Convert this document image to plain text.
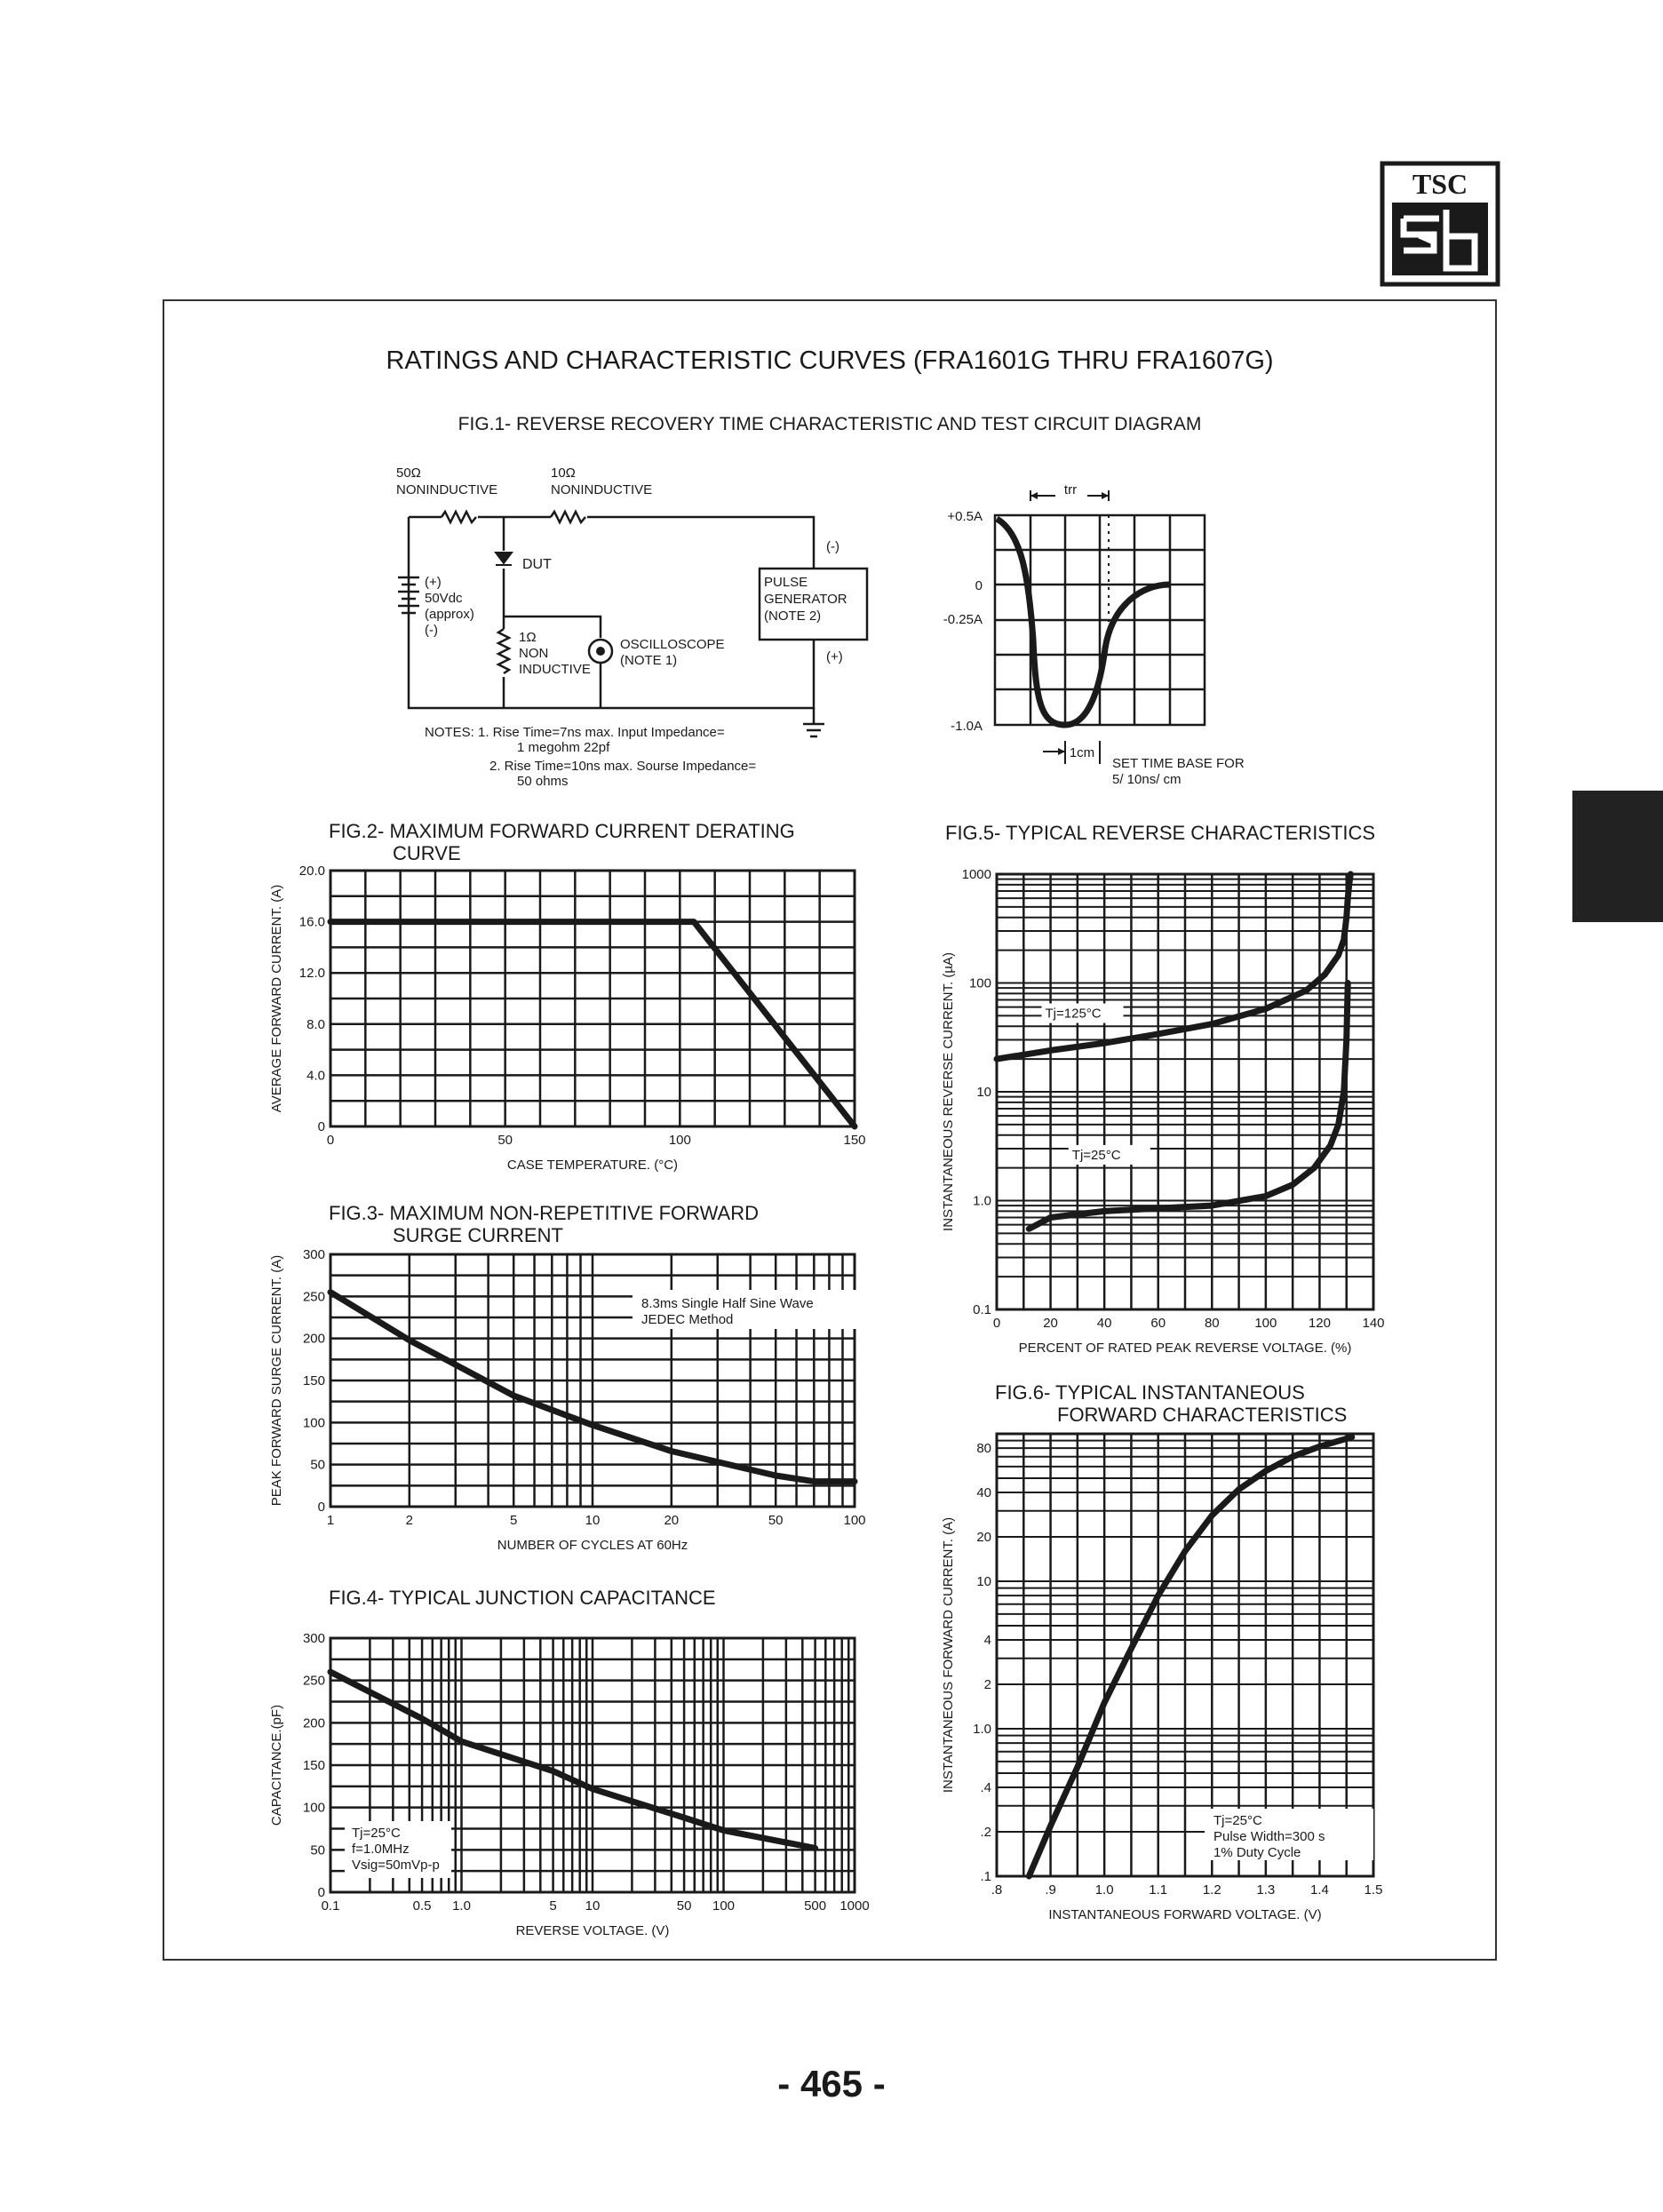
TSC
RATINGS AND CHARACTERISTIC CURVES (FRA1601G THRU FRA1607G)
FIG.1- REVERSE RECOVERY TIME CHARACTERISTIC AND TEST CIRCUIT DIAGRAM
50Ω
NONINDUCTIVE
10Ω
NONINDUCTIVE
DUT
(+)
50Vdc
(approx)
(-)	1Ω
NON
INDUCTIVE
OSCILLOSCOPE
(NOTE 1)
PULSE
GENERATOR
(NOTE 2)
(-)
(+)
NOTES: 1. Rise Time=7ns max. Input Impedance=
1 megohm 22pf
2. Rise Time=10ns max. Sourse Impedance=
50 ohms
trr
+0.5A
0
-0.25A
-1.0A
1cm
SET TIME BASE FOR
5/ 10ns/ cm
FIG.2- MAXIMUM FORWARD CURRENT DERATING
CURVE
0	50	100	150
0
4.0
8.0
12.0
16.0
20.0
CASE TEMPERATURE. (°C)
AVERAGE FORWARD CURRENT. (A)
FIG.3- MAXIMUM NON-REPETITIVE FORWARD
SURGE CURRENT
1	2	5	10	20	50	100
0
50
100
150
200
250
300
NUMBER OF CYCLES AT 60Hz
PEAK FORWARD SURGE CURRENT. (A)	8.3ms Single Half Sine Wave
JEDEC Method
FIG.4- TYPICAL JUNCTION CAPACITANCE
0.1	0.5 1.0	5 10	50 100	500 1000
0
50
100
150
200
250
300
REVERSE VOLTAGE. (V)
CAPACITANCE.(pF)
Tj=25°C
f=1.0MHz
Vsig=50mVp-p
FIG.5- TYPICAL REVERSE CHARACTERISTICS
0	20	40	60	80	100 120 140
0.1
1.0
10
100
1000
PERCENT OF RATED PEAK REVERSE VOLTAGE. (%)
INSTANTANEOUS REVERSE CURRENT. (µA)	Tj=125°C
Tj=25°C
FIG.6- TYPICAL INSTANTANEOUS
FORWARD CHARACTERISTICS
.8	.9	1.0	1.1	1.2	1.3	1.4	1.5
.1
.2
.4
1.0
2
4
10
20
40
80
INSTANTANEOUS FORWARD VOLTAGE. (V)
INSTANTANEOUS FORWARD CURRENT. (A)
Tj=25°C
Pulse Width=300 s
1% Duty Cycle
- 465 -
